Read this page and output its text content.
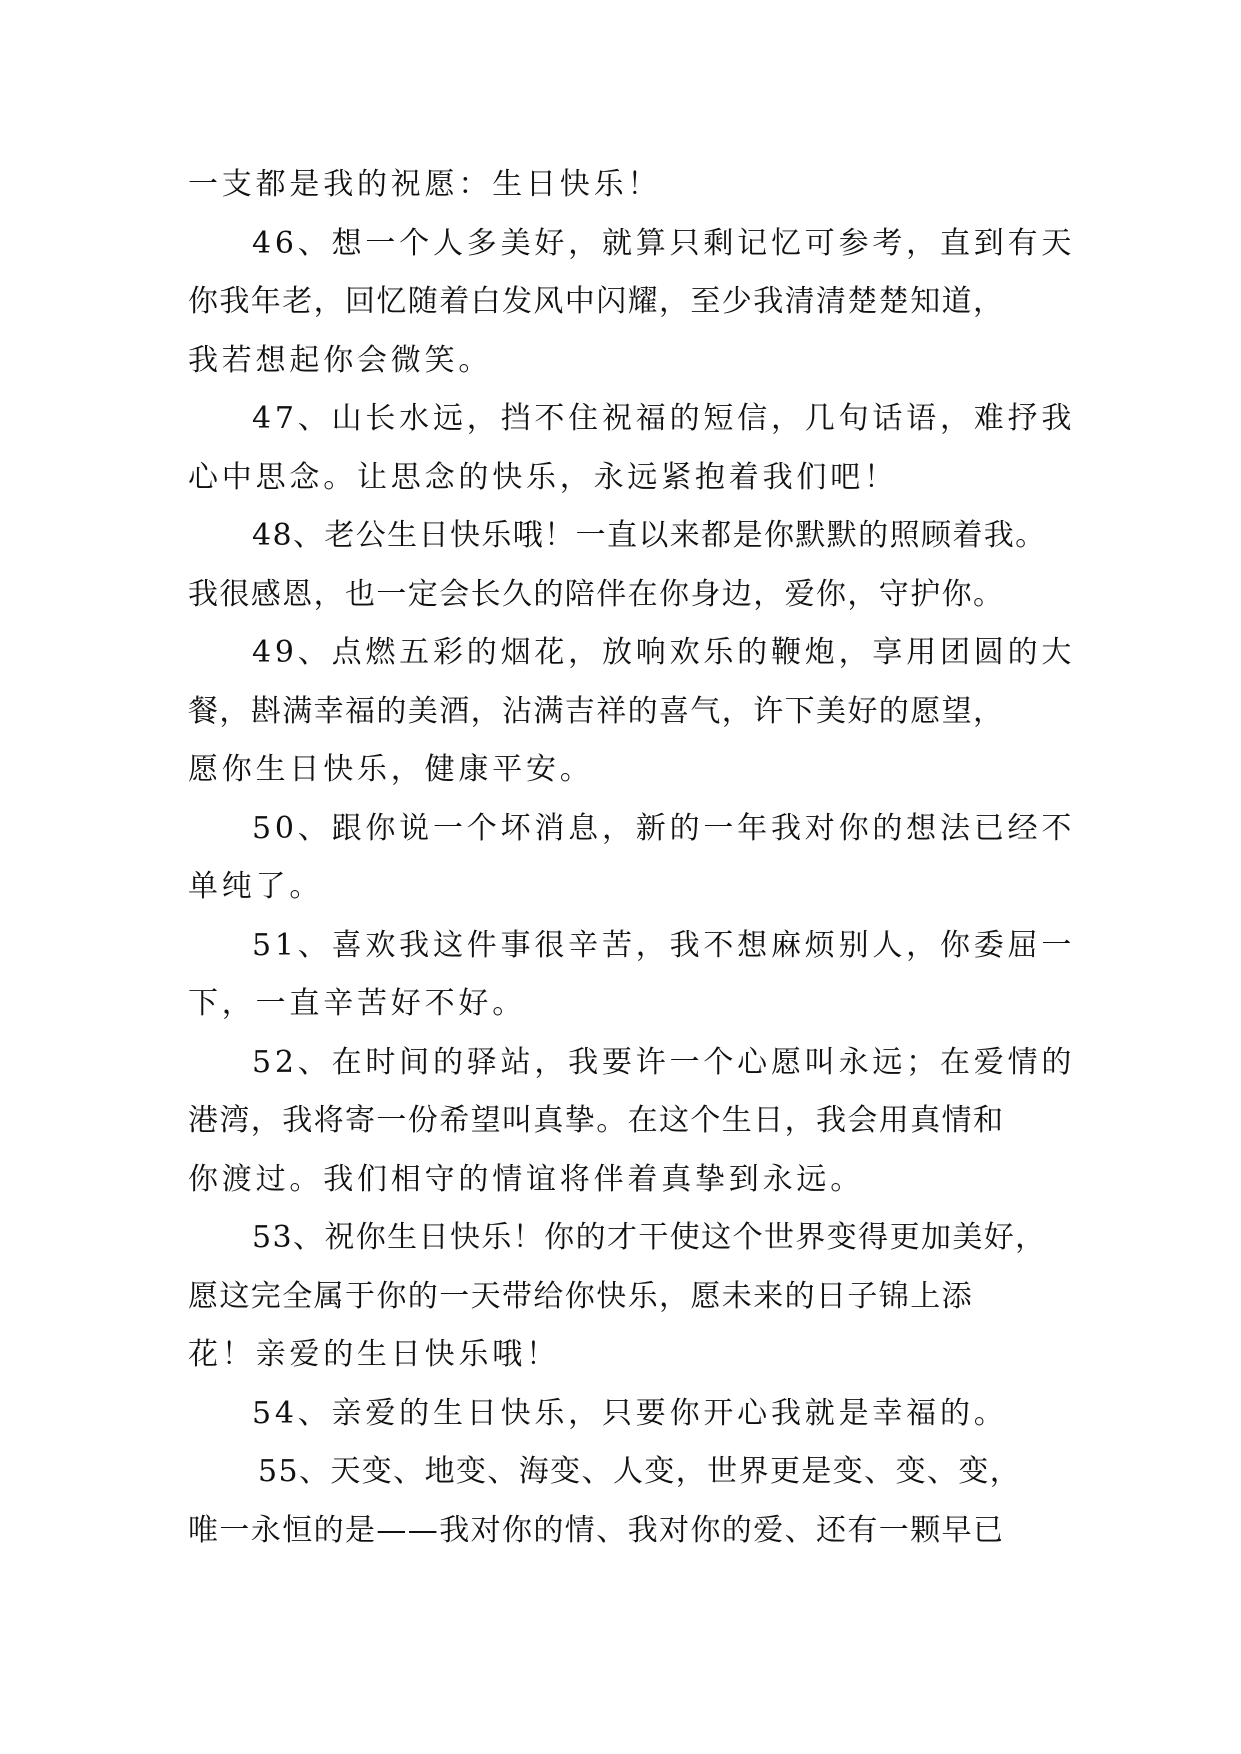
一支都是我的祝愿：生日快乐！
46、想一个人多美好，就算只剩记忆可参考，直到有天
你我年老，回忆随着白发风中闪耀，至少我清清楚楚知道，
我若想起你会微笑。
47、山长水远，挡不住祝福的短信，几句话语，难抒我
心中思念。让思念的快乐，永远紧抱着我们吧！
48、老公生日快乐哦！一直以来都是你默默的照顾着我。
我很感恩，也一定会长久的陪伴在你身边，爱你，守护你。
49、点燃五彩的烟花，放响欢乐的鞭炮，享用团圆的大
餐，斟满幸福的美酒，沾满吉祥的喜气，许下美好的愿望，
愿你生日快乐，健康平安。
50、跟你说一个坏消息，新的一年我对你的想法已经不
单纯了。
51、喜欢我这件事很辛苦，我不想麻烦别人，你委屈一
下，一直辛苦好不好。
52、在时间的驿站，我要许一个心愿叫永远；在爱情的
港湾，我将寄一份希望叫真挚。在这个生日，我会用真情和
你渡过。我们相守的情谊将伴着真挚到永远。
53、祝你生日快乐！你的才干使这个世界变得更加美好，
愿这完全属于你的一天带给你快乐，愿未来的日子锦上添
花！亲爱的生日快乐哦！
54、亲爱的生日快乐，只要你开心我就是幸福的。
55、天变、地变、海变、人变，世界更是变、变、变，
唯一永恒的是——我对你的情、我对你的爱、还有一颗早已
